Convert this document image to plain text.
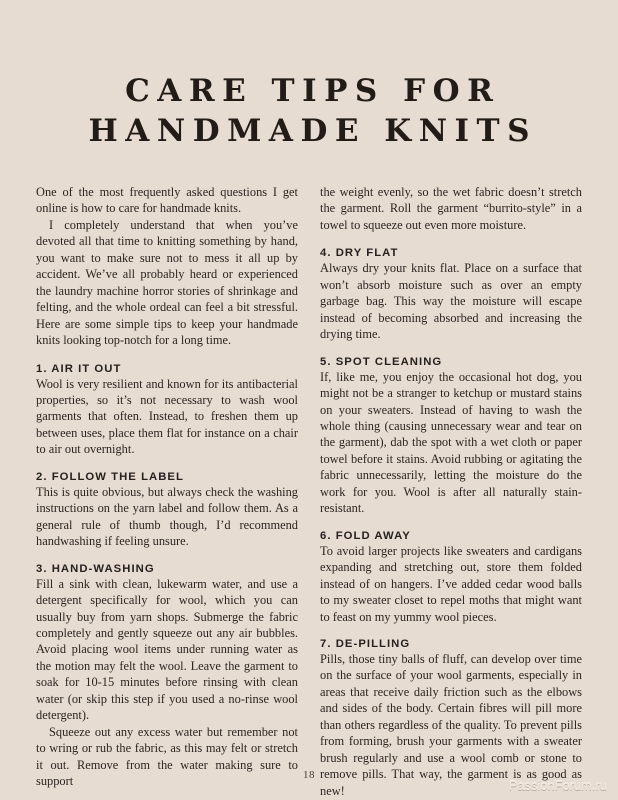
CARE TIPS FOR
HANDMADE KNITS

One of the most frequently asked questions I get online is how to care for handmade knits.

I completely understand that when you’ve devoted all that time to knitting something by hand, you want to make sure not to mess it all up by accident. We’ve all probably heard or experienced the laundry machine horror stories of shrinkage and felting, and the whole ordeal can feel a bit stressful. Here are some simple tips to keep your handmade knits looking top-notch for a long time.

1. AIR IT OUT

Wool is very resilient and known for its antibacterial properties, so it’s not necessary to wash wool garments that often. Instead, to freshen them up between uses, place them flat for instance on a chair to air out overnight.

2. FOLLOW THE LABEL

This is quite obvious, but always check the washing instructions on the yarn label and follow them. As a general rule of thumb though, I’d recommend handwashing if feeling unsure.

3. HAND-WASHING

Fill a sink with clean, lukewarm water, and use a detergent specifically for wool, which you can usually buy from yarn shops. Submerge the fabric completely and gently squeeze out any air bubbles. Avoid placing wool items under running water as the motion may felt the wool. Leave the garment to soak for 10-15 minutes before rinsing with clean water (or skip this step if you used a no-rinse wool detergent).

Squeeze out any excess water but remember not to wring or rub the fabric, as this may felt or stretch it out. Remove from the water making sure to support

the weight evenly, so the wet fabric doesn’t stretch the garment. Roll the garment “burrito-style” in a towel to squeeze out even more moisture.

4. DRY FLAT

Always dry your knits flat. Place on a surface that won’t absorb moisture such as over an empty garbage bag. This way the moisture will escape instead of becoming absorbed and increasing the drying time.

5. SPOT CLEANING

If, like me, you enjoy the occasional hot dog, you might not be a stranger to ketchup or mustard stains on your sweaters. Instead of having to wash the whole thing (causing unnecessary wear and tear on the garment), dab the spot with a wet cloth or paper towel before it stains. Avoid rubbing or agitating the fabric unnecessarily, letting the moisture do the work for you. Wool is after all naturally stain-resistant.

6. FOLD AWAY

To avoid larger projects like sweaters and cardigans expanding and stretching out, store them folded instead of on hangers. I’ve added cedar wood balls to my sweater closet to repel moths that might want to feast on my yummy wool pieces.

7. DE-PILLING

Pills, those tiny balls of fluff, can develop over time on the surface of your wool garments, especially in areas that receive daily friction such as the elbows and sides of the body. Certain fibres will pill more than others regardless of the quality. To prevent pills from forming, brush your garments with a sweater brush regularly and use a wool comb or stone to remove pills. That way, the garment is as good as new!

18
PassionForum.ru
